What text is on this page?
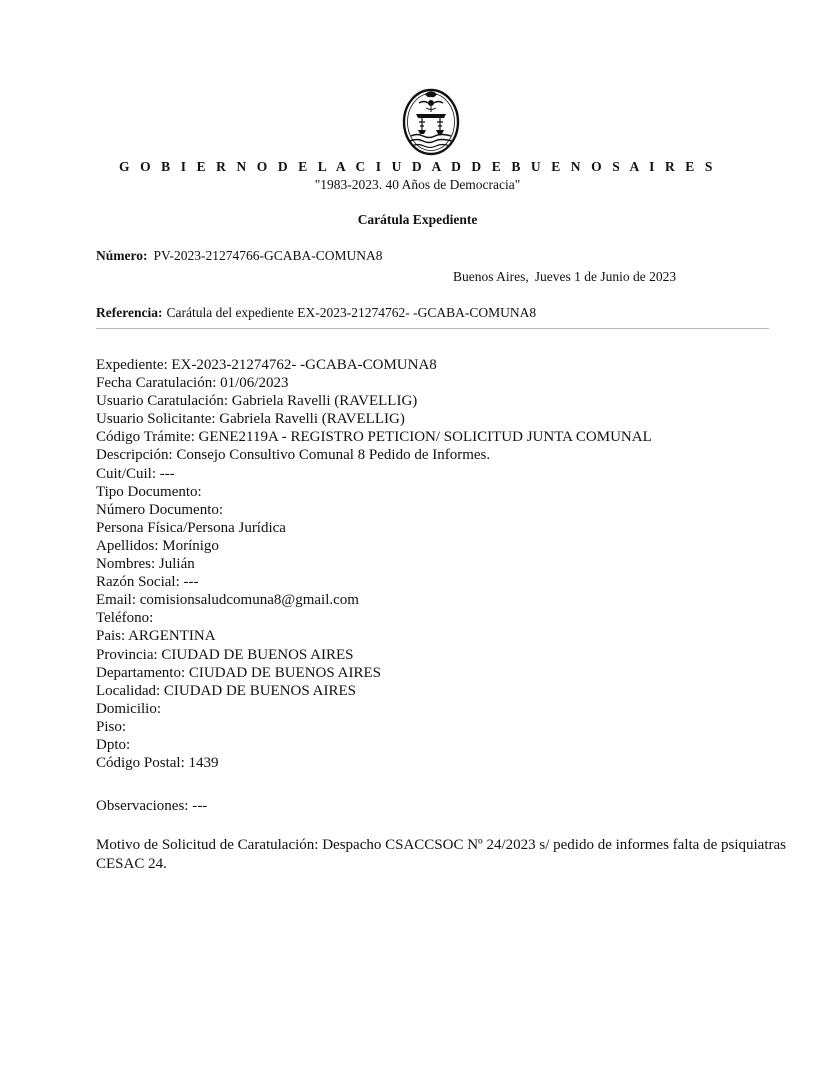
G O B I E R N O D E L A C I U D A D D E B U E N O S A I R E S
"1983-2023. 40 Años de Democracia"
Carátula Expediente
Número: PV-2023-21274766-GCABA-COMUNA8
Buenos Aires, Jueves 1 de Junio de 2023
Referencia: Carátula del expediente EX-2023-21274762- -GCABA-COMUNA8
Expediente: EX-2023-21274762- -GCABA-COMUNA8
Fecha Caratulación: 01/06/2023
Usuario Caratulación: Gabriela Ravelli (RAVELLIG)
Usuario Solicitante: Gabriela Ravelli (RAVELLIG)
Código Trámite: GENE2119A - REGISTRO PETICION/ SOLICITUD JUNTA COMUNAL
Descripción: Consejo Consultivo Comunal 8 Pedido de Informes.
Cuit/Cuil: ---
Tipo Documento:
Número Documento:
Persona Física/Persona Jurídica
Apellidos: Morínigo
Nombres: Julián
Razón Social: ---
Email: comisionsaludcomuna8@gmail.com
Teléfono:
Pais: ARGENTINA
Provincia: CIUDAD DE BUENOS AIRES
Departamento: CIUDAD DE BUENOS AIRES
Localidad: CIUDAD DE BUENOS AIRES
Domicilio:
Piso:
Dpto:
Código Postal: 1439
Observaciones: ---
Motivo de Solicitud de Caratulación: Despacho CSACCSOC Nº 24/2023 s/ pedido de informes falta de psiquiatras CESAC 24.
